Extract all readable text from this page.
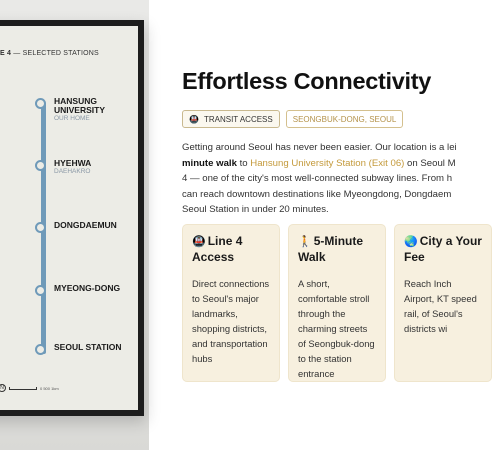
E 4 — SELECTED STATIONS
HANSUNG
UNIVERSITY
OUR HOME
HYEHWA
DAEHAKRO
DONGDAEMUN
MYEONG-DONG
SEOUL STATION
N	0 500 1km
Effortless Connectivity
🚇 TRANSIT ACCESS	SEONGBUK-DONG, SEOUL

Getting around Seoul has never been easier. Our location is a lei

minute walk to Hansung University Station (Exit 06) on Seoul M

4 — one of the city's most well-connected subway lines. From h

can reach downtown destinations like Myeongdong, Dongdaem

Seoul Station in under 20 minutes.

🚇 Line 4 Access
Direct connections to Seoul's major landmarks, shopping districts, and transportation hubs
🚶 5-Minute Walk
A short, comfortable stroll through the charming streets of Seongbuk-dong to the station entrance
🌏 City a Your Fee
Reach Inch Airport, KT speed rail, of Seoul's districts wi
